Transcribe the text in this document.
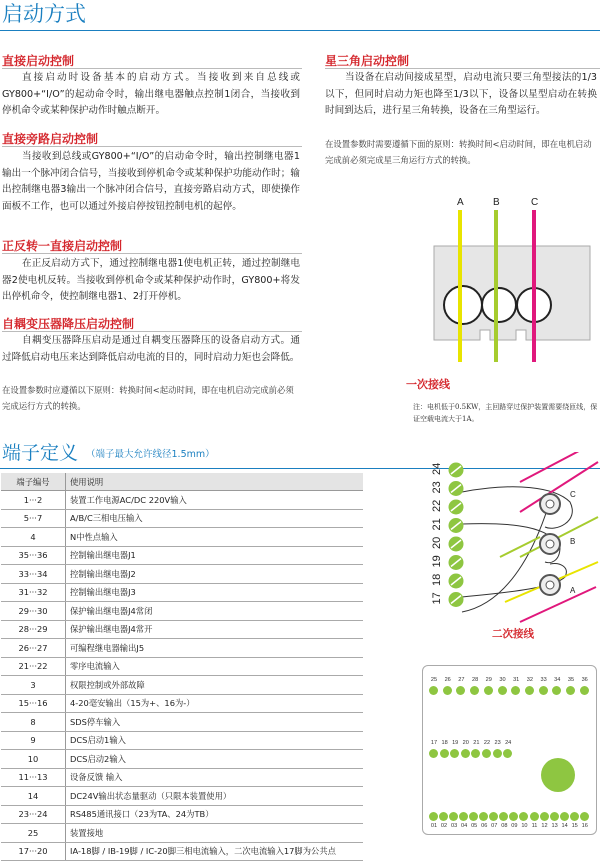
启动方式
直接启动控制
直接启动时设备基本的启动方式。当接收到来自总线或GY800+“I/O”的起动命令时，输出继电器触点控制1闭合，当接收到停机命令或某种保护动作时触点断开。
直接旁路启动控制
当接收到总线或GY800+“I/O”的启动命令时，输出控制继电器1输出一个脉冲闭合信号，当接收到停机命令或某种保护功能动作时；输出控制继电器3输出一个脉冲闭合信号，直接旁路启动方式，即使操作面板不工作，也可以通过外接启停按钮控制电机的起停。
正反转一直接启动控制
在正反启动方式下，通过控制继电器1使电机正转，通过控制继电器2使电机反转。当接收到停机命令或某种保护动作时，GY800+将发出停机命令，使控制继电器1、2打开停机。
自耦变压器降压启动控制
自耦变压器降压启动是通过自耦变压器降压的设备启动方式。通过降低启动电压来达到降低启动电流的目的，同时启动力矩也会降低。
在设置参数时应遵循以下原则：转换时间<起动时间，即在电机启动完成前必须完成运行方式的转换。
星三角启动控制
当设备在启动间接成星型，启动电流只要三角型接法的1/3以下，但同时启动力矩也降至1/3以下，设备以星型启动在转换时间到达后，进行星三角转换，设备在三角型运行。
在设置参数时需要遵循下面的原则：转换时间<启动时间，即在电机启动完成前必须完成星三角运行方式的转换。
A	B	C
一次接线
注：电机低于0.5KW，主回路穿过保护装置需要绕匝线，保证空载电流大于1A。
端子定义 （端子最大允许线径1.5mm）
端子编号	使用说明
1···2	装置工作电源AC/DC 220V输入
5···7	A/B/C三相电压输入
4	N中性点输入
35···36	控制输出继电器J1
33···34	控制输出继电器J2
31···32	控制输出继电器J3
29···30	保护输出继电器J4常闭
28···29	保护输出继电器J4常开
26···27	可编程继电器输出J5
21···22	零序电流输入
3	权限控制或外部故障
15···16	4-20毫安输出（15为+、16为-）
8	SDS停车输入
9	DCS启动1输入
10	DCS启动2输入
11···13	设备反馈 输入
14	DC24V输出状态量驱动（只限本装置使用）
23···24	RS485通讯接口（23为TA、24为TB）
25	装置接地
17···20	IA-18脚 / IB-19脚 / IC-20脚三相电流输入，二次电流输入17脚为公共点
C
B
A
24
23
22
21
20
19
18
17
二次接线
25	26	27	28	29	30	31	32	33	34	35	36
17 18 19 20 21 22 23 24
01 02 03 04 05 06 07 08 09 10 11 12 13 14 15 16
